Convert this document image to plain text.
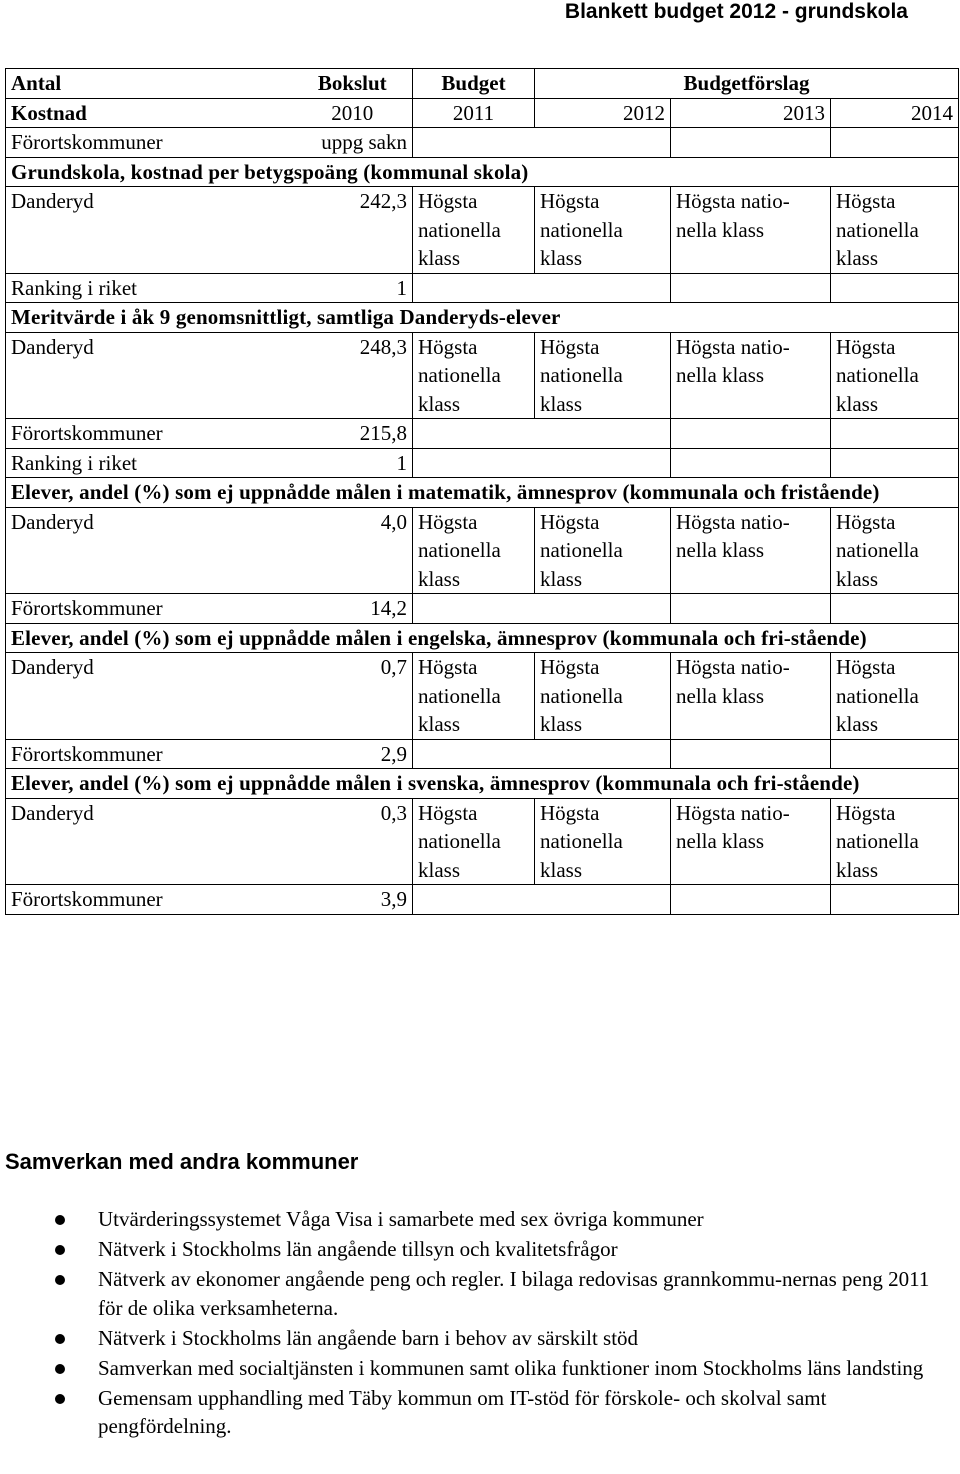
Blankett budget 2012 - grundskola
Antal	Bokslut	Budget	Budgetförslag		
Kostnad	2010	2011	2012	2013	2014
Förortskommuner	uppg sakn				
Grundskola, kostnad per betygspoäng (kommunal skola)					
Danderyd	242,3	Högsta nationella klass	Högsta nationella klass	Högsta natio-nella klass	Högsta nationella klass
Ranking i riket	1				
Meritvärde i åk 9 genomsnittligt, samtliga Danderyds-elever					
Danderyd	248,3	Högsta nationella klass	Högsta nationella klass	Högsta natio-nella klass	Högsta nationella klass
Förortskommuner	215,8				
Ranking i riket	1				
Elever, andel (%) som ej uppnådde målen i matematik, ämnesprov (kommunala och fristående)					
Danderyd	4,0	Högsta nationella klass	Högsta nationella klass	Högsta natio-nella klass	Högsta nationella klass
Förortskommuner	14,2				
Elever, andel (%) som ej uppnådde målen i engelska, ämnesprov (kommunala och fri-stående)					
Danderyd	0,7	Högsta nationella klass	Högsta nationella klass	Högsta natio-nella klass	Högsta nationella klass
Förortskommuner	2,9				
Elever, andel (%) som ej uppnådde målen i svenska, ämnesprov (kommunala och fri-stående)					
Danderyd	0,3	Högsta nationella klass	Högsta nationella klass	Högsta natio-nella klass	Högsta nationella klass
Förortskommuner	3,9				
Samverkan med andra kommuner
Utvärderingssystemet Våga Visa i samarbete med sex övriga kommuner
Nätverk i Stockholms län angående tillsyn och kvalitetsfrågor
Nätverk av ekonomer angående peng och regler. I bilaga redovisas grannkommu-nernas peng 2011 för de olika verksamheterna.
Nätverk i Stockholms län angående barn i behov av särskilt stöd
Samverkan med socialtjänsten i kommunen samt olika funktioner inom Stockholms läns landsting
Gemensam upphandling med Täby kommun om IT-stöd för förskole- och skolval samt pengfördelning.
